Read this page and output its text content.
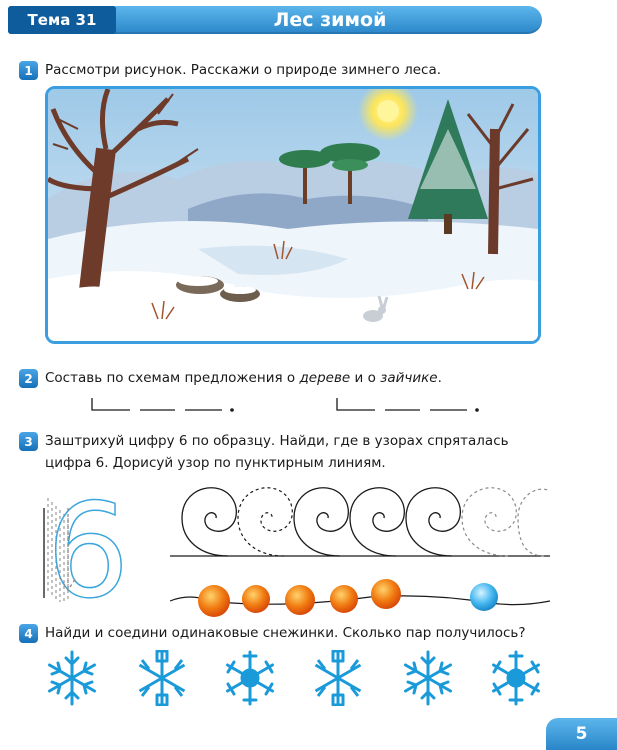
Тема 31	Лес зимой
1 Рассмотри рисунок. Расскажи о природе зимнего леса.
2 Составь по схемам предложения о дереве и о зайчике.
3 Заштрихуй цифру 6 по образцу. Найди, где в узорах спряталась
цифра 6. Дорисуй узор по пунктирным линиям.
6
4 Найди и соедини одинаковые снежинки. Сколько пар получилось?
5
